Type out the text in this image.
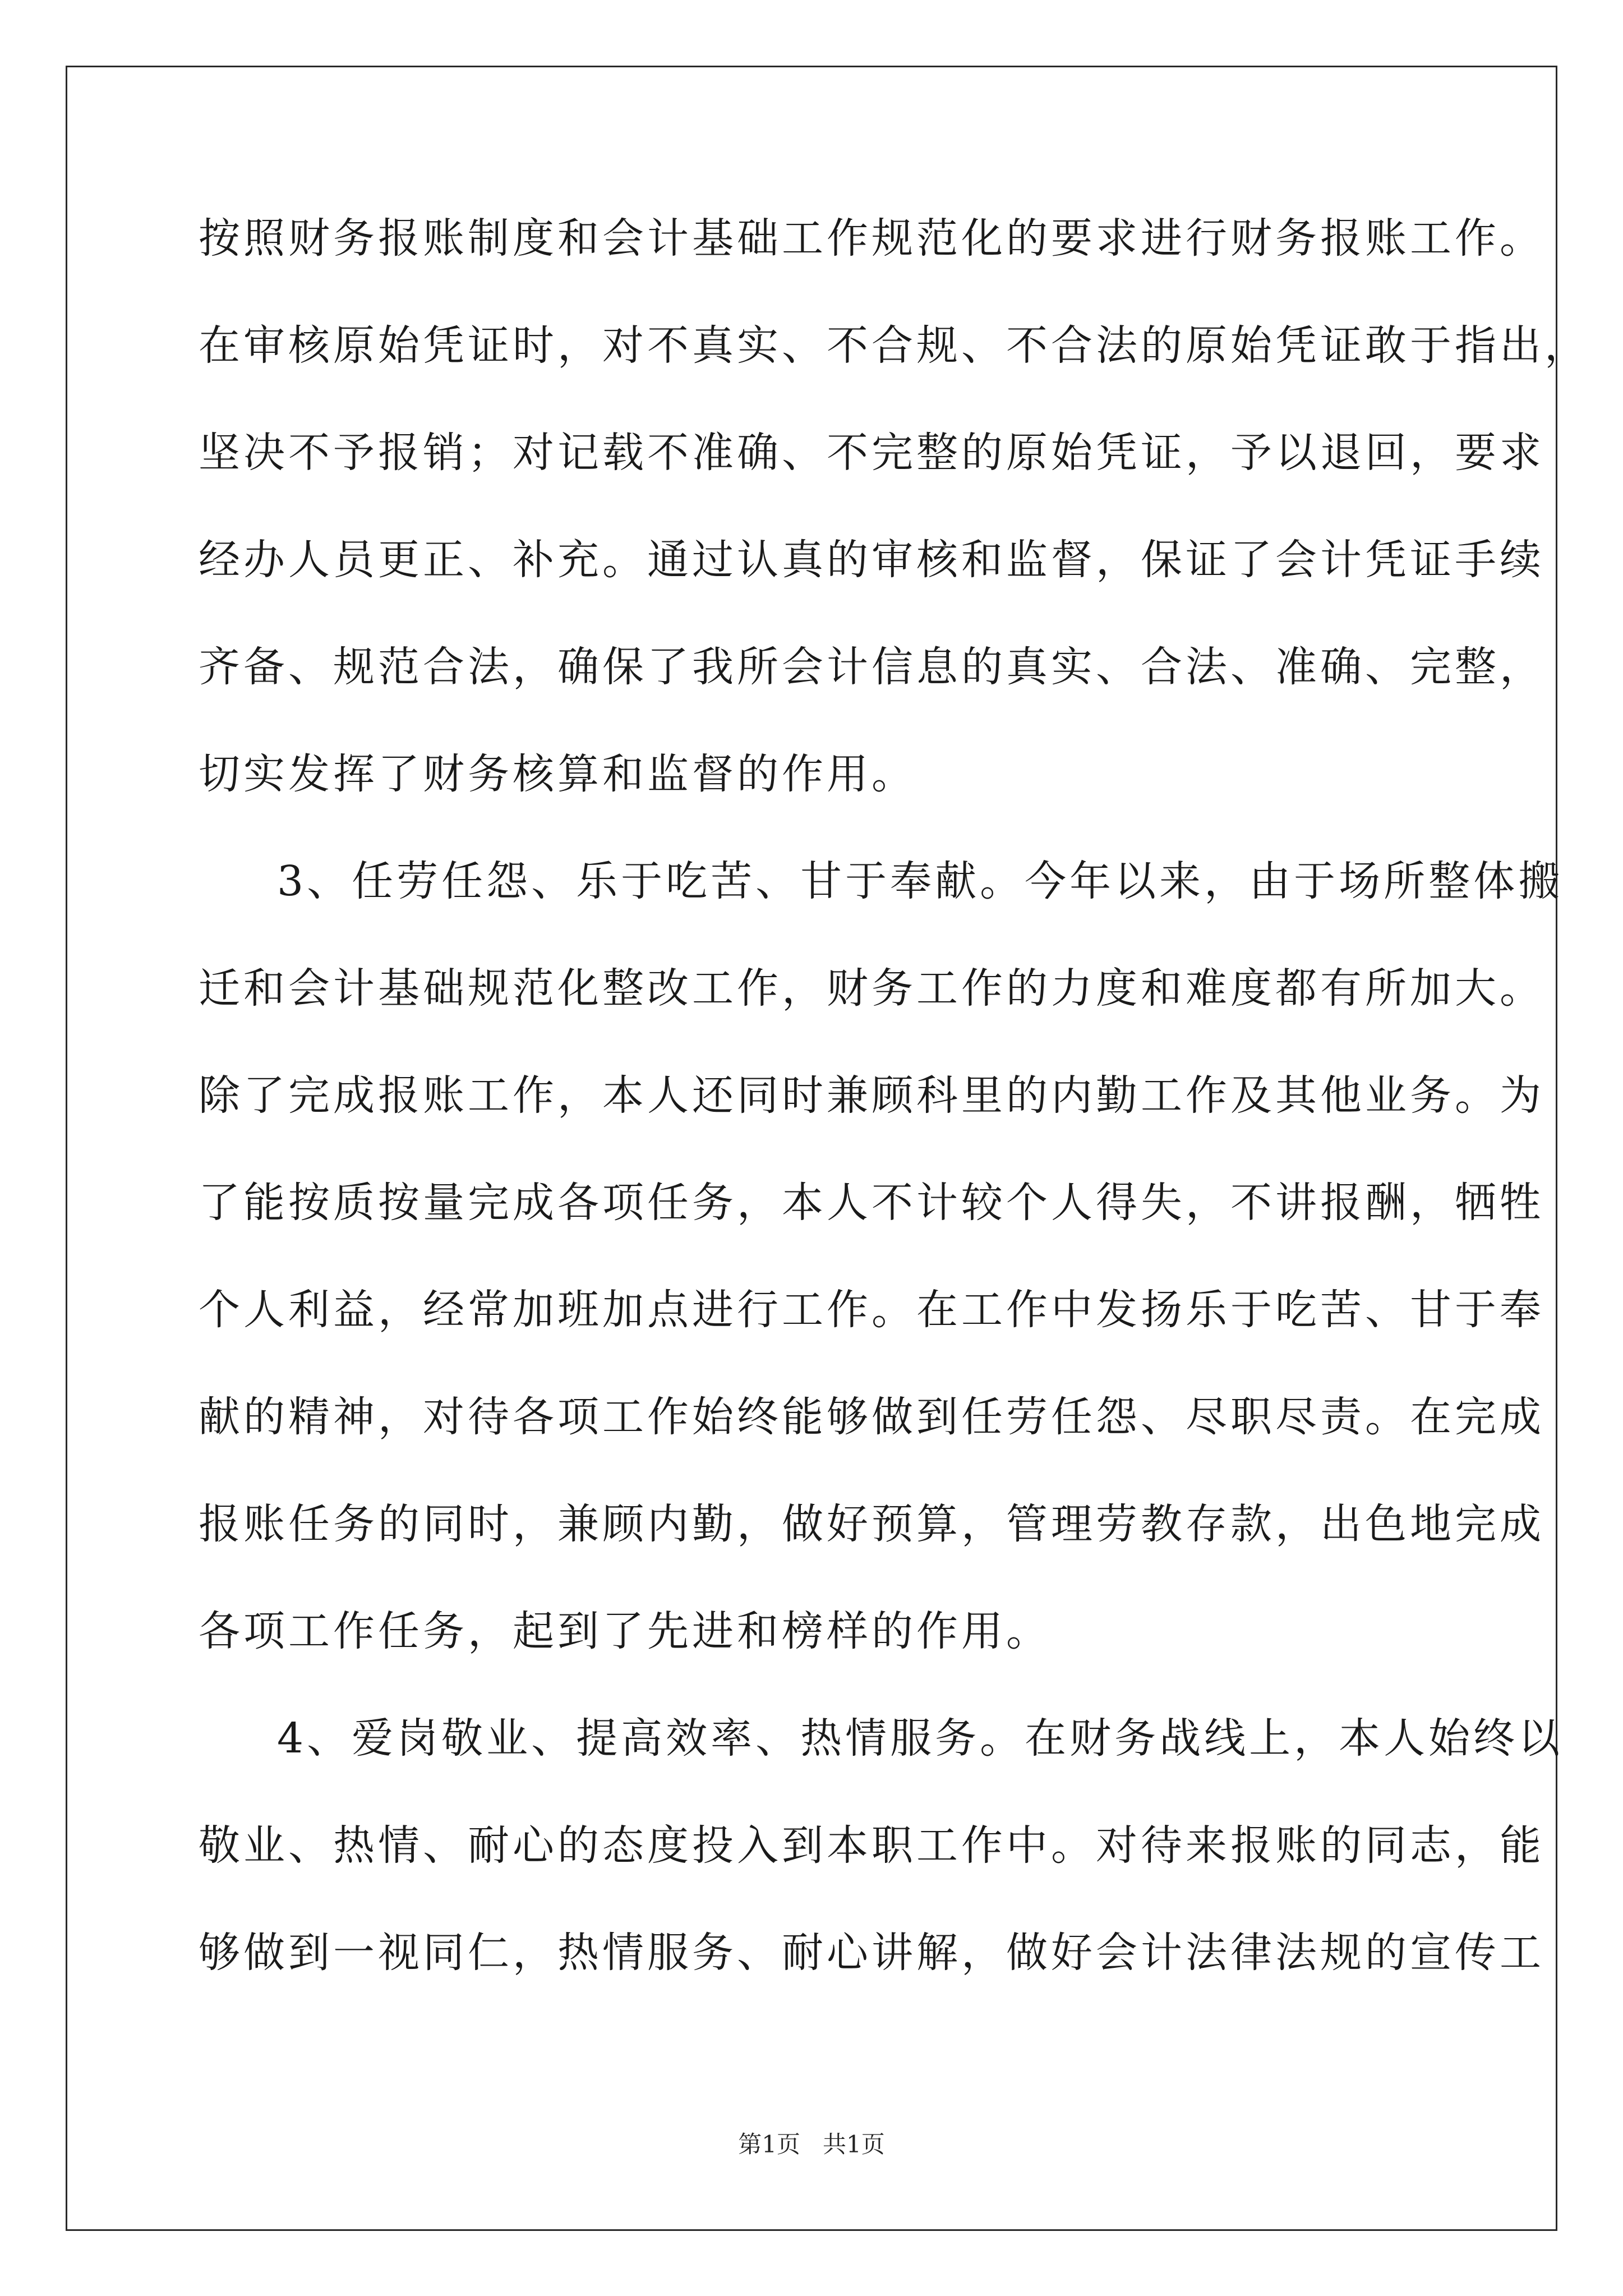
按照财务报账制度和会计基础工作规范化的要求进行财务报账工作。
在审核原始凭证时，对不真实、不合规、不合法的原始凭证敢于指出，
坚决不予报销；对记载不准确、不完整的原始凭证，予以退回，要求
经办人员更正、补充。通过认真的审核和监督，保证了会计凭证手续
齐备、规范合法，确保了我所会计信息的真实、合法、准确、完整，
切实发挥了财务核算和监督的作用。
3、任劳任怨、乐于吃苦、甘于奉献。今年以来，由于场所整体搬
迁和会计基础规范化整改工作，财务工作的力度和难度都有所加大。
除了完成报账工作，本人还同时兼顾科里的内勤工作及其他业务。为
了能按质按量完成各项任务，本人不计较个人得失，不讲报酬，牺牲
个人利益，经常加班加点进行工作。在工作中发扬乐于吃苦、甘于奉
献的精神，对待各项工作始终能够做到任劳任怨、尽职尽责。在完成
报账任务的同时，兼顾内勤，做好预算，管理劳教存款，出色地完成
各项工作任务，起到了先进和榜样的作用。
4、爱岗敬业、提高效率、热情服务。在财务战线上，本人始终以
敬业、热情、耐心的态度投入到本职工作中。对待来报账的同志，能
够做到一视同仁，热情服务、耐心讲解，做好会计法律法规的宣传工
第1页 共1页
